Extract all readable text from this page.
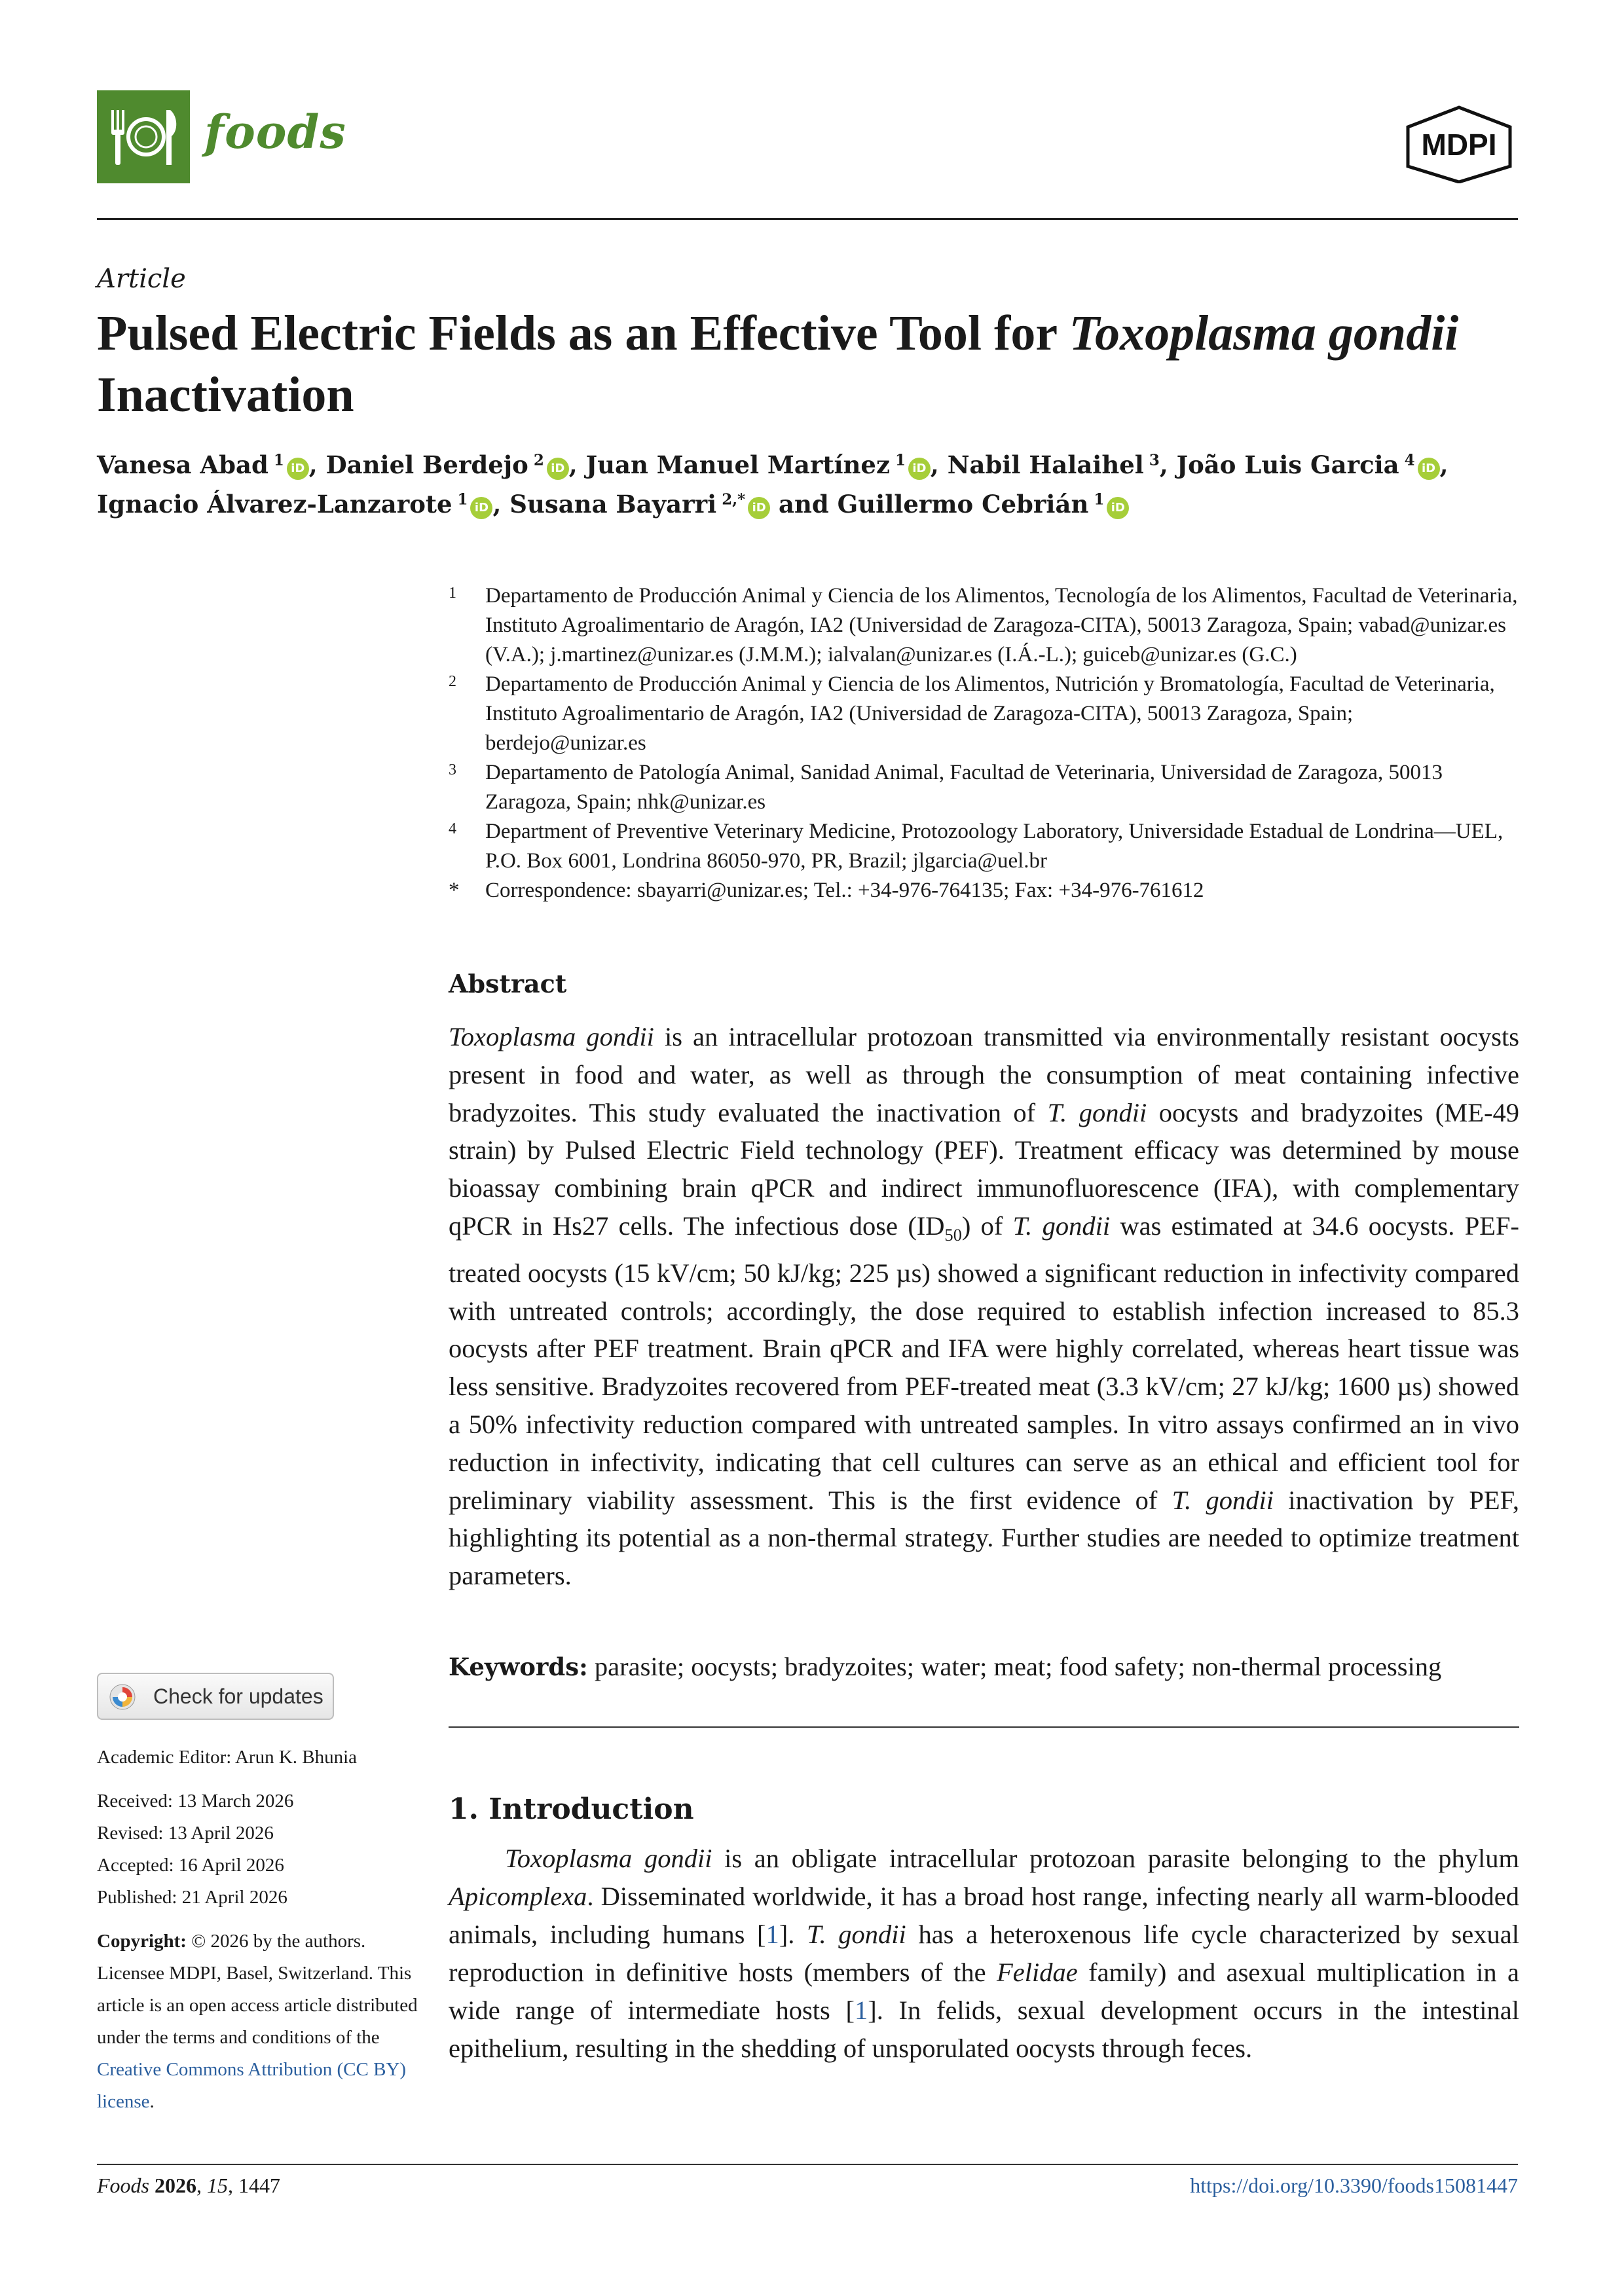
foods	MDPI
Article
Pulsed Electric Fields as an Effective Tool for Toxoplasma gondii Inactivation
Vanesa Abad $^1$ iD , Daniel Berdejo $^2$ iD , Juan Manuel Martínez $^1$ iD , Nabil Halaihel $^3$, João Luis Garcia $^4$ iD ,
Ignacio Álvarez-Lanzarote $^1$ iD , Susana Bayarri $^{2,*}$ iD and Guillermo Cebrián $^1$ iD
1 Departamento de Producción Animal y Ciencia de los Alimentos, Tecnología de los Alimentos, Facultad de Veterinaria, Instituto Agroalimentario de Aragón, IA2 (Universidad de Zaragoza-CITA), 50013 Zaragoza, Spain; vabad@unizar.es (V.A.); j.martinez@unizar.es (J.M.M.); ialvalan@unizar.es (I.Á.-L.); guiceb@unizar.es (G.C.)
2 Departamento de Producción Animal y Ciencia de los Alimentos, Nutrición y Bromatología, Facultad de Veterinaria, Instituto Agroalimentario de Aragón, IA2 (Universidad de Zaragoza-CITA), 50013 Zaragoza, Spain; berdejo@unizar.es
3 Departamento de Patología Animal, Sanidad Animal, Facultad de Veterinaria, Universidad de Zaragoza, 50013 Zaragoza, Spain; nhk@unizar.es
4 Department of Preventive Veterinary Medicine, Protozoology Laboratory, Universidade Estadual de Londrina—UEL, P.O. Box 6001, Londrina 86050-970, PR, Brazil; jlgarcia@uel.br
* Correspondence: sbayarri@unizar.es; Tel.: +34-976-764135; Fax: +34-976-761612
Abstract
Toxoplasma gondii is an intracellular protozoan transmitted via environmentally resistant oocysts present in food and water, as well as through the consumption of meat containing infective bradyzoites. This study evaluated the inactivation of T. gondii oocysts and bradyzoites (ME-49 strain) by Pulsed Electric Field technology (PEF). Treatment efficacy was determined by mouse bioassay combining brain qPCR and indirect immunofluorescence (IFA), with complementary qPCR in Hs27 cells. The infectious dose $(ID_{50})$ of T. gondii was estimated at 34.6 oocysts. PEF-treated oocysts (15 kV/cm; 50 kJ/kg; 225 µs) showed a significant reduction in infectivity compared with untreated controls; accordingly, the dose required to establish infection increased to 85.3 oocysts after PEF treatment. Brain qPCR and IFA were highly correlated, whereas heart tissue was less sensitive. Bradyzoites recovered from PEF-treated meat (3.3 kV/cm; 27 kJ/kg; 1600 µs) showed a 50% infectivity reduction compared with untreated samples. In vitro assays confirmed an in vivo reduction in infectivity, indicating that cell cultures can serve as an ethical and efficient tool for preliminary viability assessment. This is the first evidence of T. gondii inactivation by PEF, highlighting its potential as a non-thermal strategy. Further studies are needed to optimize treatment parameters.
Keywords: parasite; oocysts; bradyzoites; water; meat; food safety; non-thermal processing
1. Introduction
Toxoplasma gondii is an obligate intracellular protozoan parasite belonging to the phylum Apicomplexa. Disseminated worldwide, it has a broad host range, infecting nearly all warm-blooded animals, including humans [1]. T. gondii has a heteroxenous life cycle characterized by sexual reproduction in definitive hosts (members of the Felidae family) and asexual multiplication in a wide range of intermediate hosts [1]. In felids, sexual development occurs in the intestinal epithelium, resulting in the shedding of unsporulated oocysts through feces.
Check for updates
Academic Editor: Arun K. Bhunia
Received: 13 March 2026
Revised: 13 April 2026
Accepted: 16 April 2026
Published: 21 April 2026
Copyright: © 2026 by the authors. Licensee MDPI, Basel, Switzerland. This article is an open access article distributed under the terms and conditions of the Creative Commons Attribution (CC BY) license.
Foods 2026, 15, 1447	https://doi.org/10.3390/foods15081447
